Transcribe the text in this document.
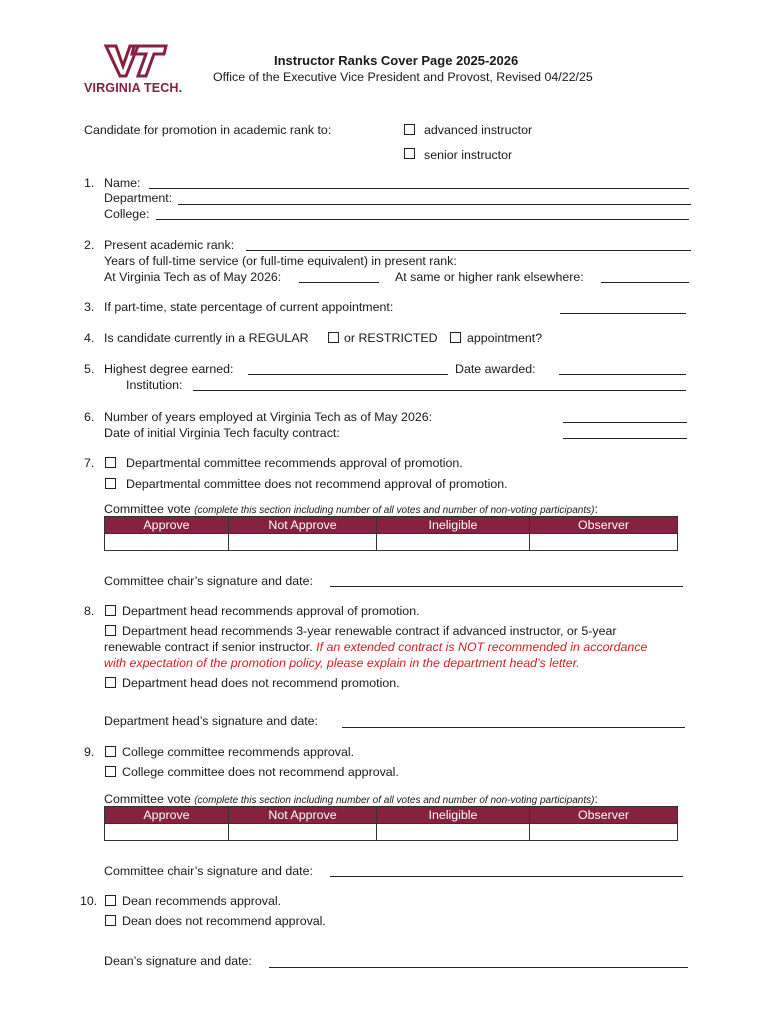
VIRGINIA TECH.
Instructor Ranks Cover Page 2025-2026
Office of the Executive Vice President and Provost, Revised 04/22/25
Candidate for promotion in academic rank to:	advanced instructor
senior instructor
1. Name:
Department:
College:
2. Present academic rank:
Years of full-time service (or full-time equivalent) in present rank:
At Virginia Tech as of May 2026:	At same or higher rank elsewhere:
3. If part-time, state percentage of current appointment:
4. Is candidate currently in a REGULAR	or RESTRICTED appointment?
5. Highest degree earned:	Date awarded:
Institution:
6. Number of years employed at Virginia Tech as of May 2026:
Date of initial Virginia Tech faculty contract:
7.	Departmental committee recommends approval of promotion.
Departmental committee does not recommend approval of promotion.
Committee vote (complete this section including number of all votes and number of non-voting participants):
Approve	Not Approve	Ineligible	Observer

Committee chair’s signature and date:
8. Department head recommends approval of promotion.
Department head recommends 3-year renewable contract if advanced instructor, or 5-year
renewable contract if senior instructor. If an extended contract is NOT recommended in accordance
with expectation of the promotion policy, please explain in the department head’s letter.
Department head does not recommend promotion.
Department head’s signature and date:
9. College committee recommends approval.
College committee does not recommend approval.
Committee vote (complete this section including number of all votes and number of non-voting participants):
Approve	Not Approve	Ineligible	Observer

Committee chair’s signature and date:
10. Dean recommends approval.
Dean does not recommend approval.
Dean’s signature and date:
